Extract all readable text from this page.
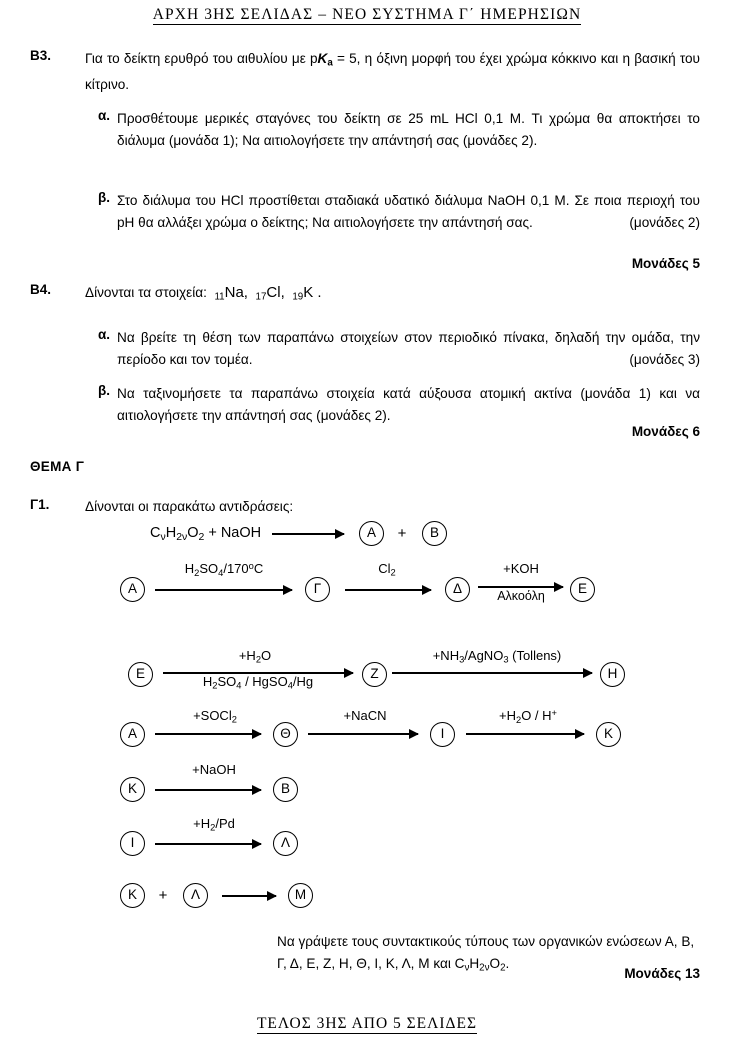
ΑΡΧΗ 3ΗΣ ΣΕΛΙΔΑΣ – ΝΕΟ ΣΥΣΤΗΜΑ Γ΄ ΗΜΕΡΗΣΙΩΝ
Β3. Για το δείκτη ερυθρό του αιθυλίου με $pK_a = 5$, η όξινη μορφή του έχει χρώμα κόκκινο και η βασική του κίτρινο.
α. Προσθέτουμε μερικές σταγόνες του δείκτη σε 25 mL HCl 0,1 M. Τι χρώμα θα αποκτήσει το διάλυμα (μονάδα 1); Να αιτιολογήσετε την απάντησή σας (μονάδες 2).
β. Στο διάλυμα του HCl προστίθεται σταδιακά υδατικό διάλυμα NaOH 0,1 M. Σε ποια περιοχή του pH θα αλλάξει χρώμα ο δείκτης; Να αιτιολογήσετε την απάντησή σας.	(μονάδες 2)
Μονάδες 5
Β4. Δίνονται τα στοιχεία: $_{11}$Na, $_{17}$Cl, $_{19}$K .
α. Να βρείτε τη θέση των παραπάνω στοιχείων στον περιοδικό πίνακα, δηλαδή την ομάδα, την περίοδο και τον τομέα.	(μονάδες 3)
β. Να ταξινομήσετε τα παραπάνω στοιχεία κατά αύξουσα ατομική ακτίνα (μονάδα 1) και να αιτιολογήσετε την απάντησή σας (μονάδες 2).
Μονάδες 6
ΘΕΜΑ Γ
Γ1.	Δίνονται οι παρακάτω αντιδράσεις:
$C_\nu H_{2\nu}O_2$ + NaOH	Α	+	Β
Α
$H_2SO_4/170^oC$
Γ
$Cl_2$
Δ
+KOH
Αλκοόλη	Ε
Ε
$+H_2O$
$H_2SO_4$ / HgSO$_4$/Hg
Ζ
$+NH_3/AgNO_3$ (Tollens)
Η
Α
+SOCl$_2$
Θ
+NaCN
Ι
$+H_2O / H^+$
Κ
Κ
+NaOH
Β
Ι
$+H_2/Pd$
Λ
Κ	+	Λ	Μ
Να γράψετε τους συντακτικούς τύπους των οργανικών ενώσεων Α, Β, Γ, Δ, Ε, Ζ, Η, Θ, Ι, Κ, Λ, Μ και $C_\nu H_{2\nu}O_2$.
Μονάδες 13
ΤΕΛΟΣ 3ΗΣ ΑΠΟ 5 ΣΕΛΙΔΕΣ
